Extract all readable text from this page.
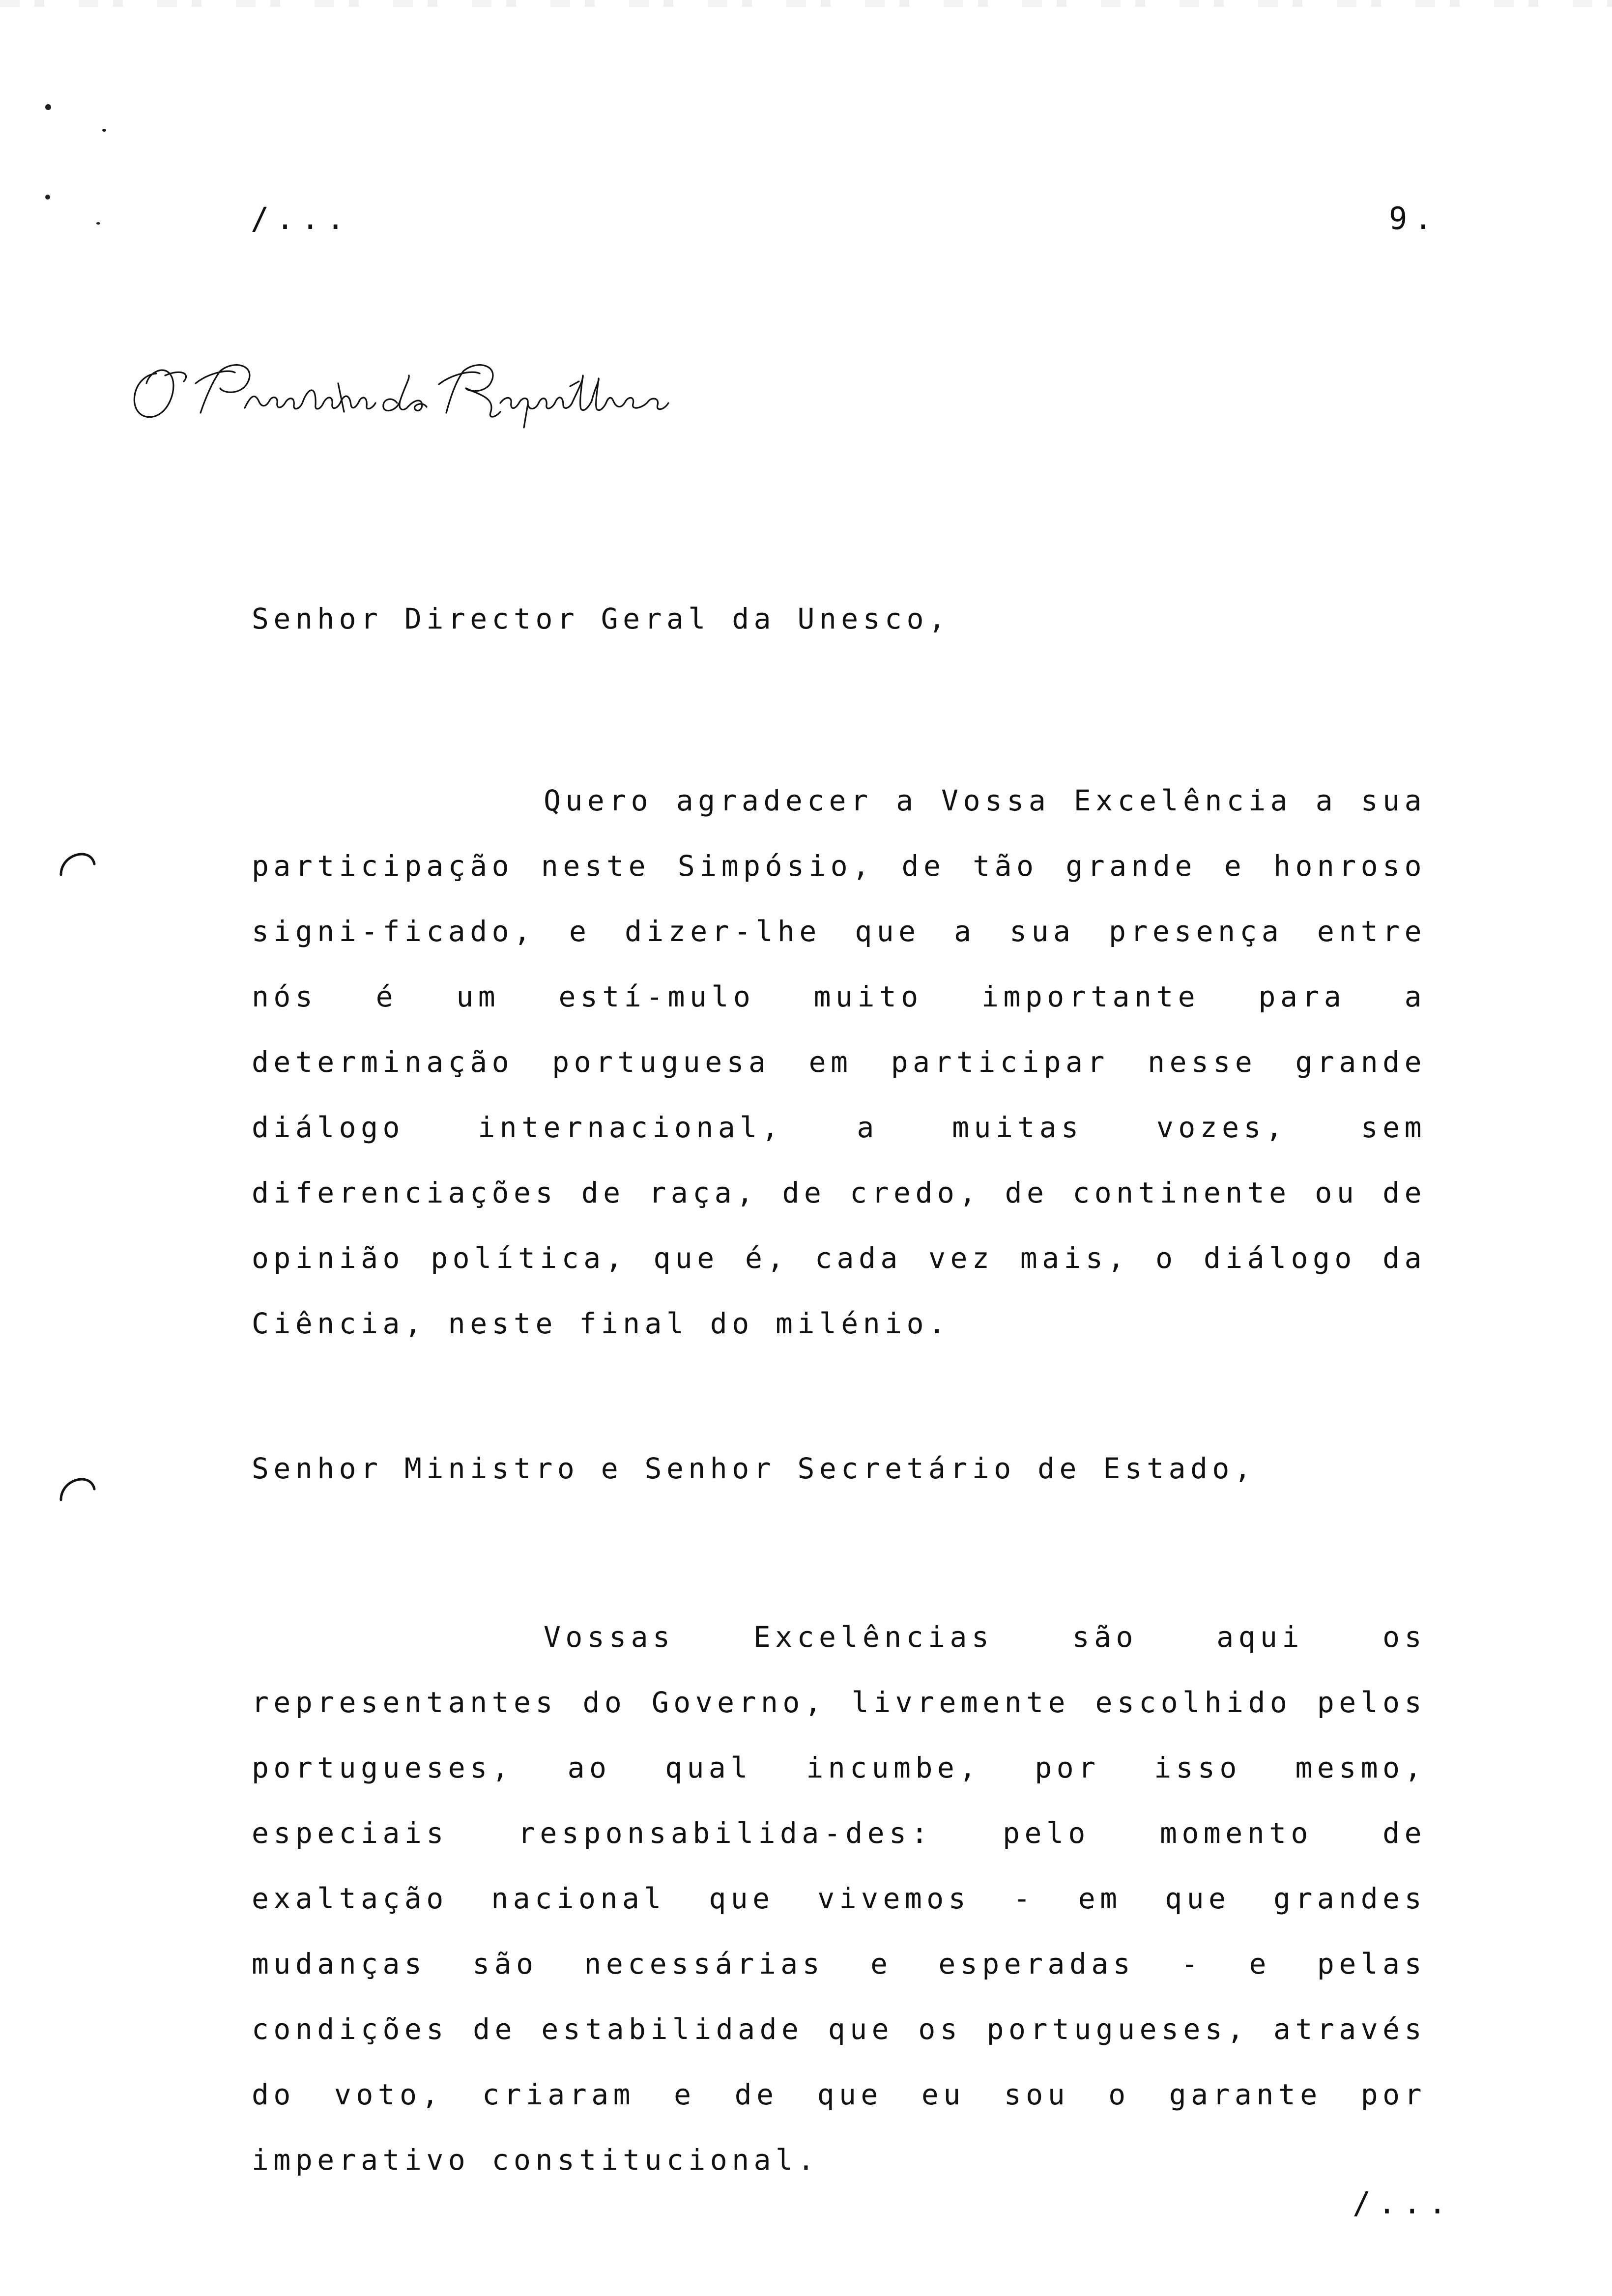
/...	9.
O Presidente da República
Senhor Director Geral da Unesco,
Quero agradecer a Vossa Excelência a sua participação neste Simpósio, de tão grande e honroso signi-ficado, e dizer-lhe que a sua presença entre nós é um estí-mulo muito importante para a determinação portuguesa em participar nesse grande diálogo internacional, a muitas vozes, sem diferenciações de raça, de credo, de continente ou de opinião política, que é, cada vez mais, o diálogo da Ciência, neste final do milénio.
Senhor Ministro e Senhor Secretário de Estado,
Vossas Excelências são aqui os representantes do Governo, livremente escolhido pelos portugueses, ao qual incumbe, por isso mesmo, especiais responsabilida-des: pelo momento de exaltação nacional que vivemos - em que grandes mudanças são necessárias e esperadas - e pelas condições de estabilidade que os portugueses, através do voto, criaram e de que eu sou o garante por imperativo constitucional.
/...
